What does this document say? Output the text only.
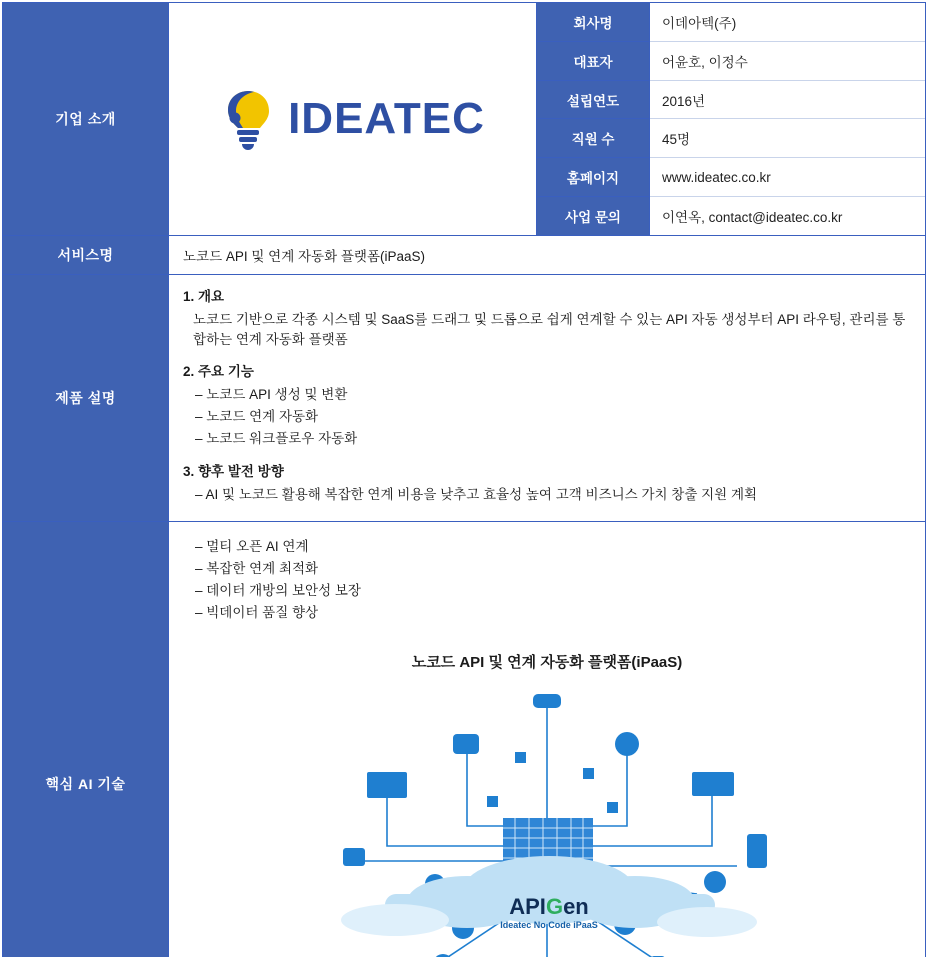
기업 소개	IDEATEC
회사명	이데아텍(주)
대표자	어윤호, 이정수
설립연도	2016년
직원 수	45명
홈페이지	www.ideatec.co.kr
사업 문의	이연옥, contact@ideatec.co.kr

서비스명	노코드 API 및 연계 자동화 플랫폼(iPaaS)
제품 설명	
1. 개요
노코드 기반으로 각종 시스템 및 SaaS를 드래그 및 드롭으로 쉽게 연계할 수 있는 API 자동 생성부터 API 라우팅, 관리를 통합하는 연계 자동화 플랫폼
2. 주요 기능
– 노코드 API 생성 및 변환
– 노코드 연계 자동화
– 노코드 워크플로우 자동화
3. 향후 발전 방향
– AI 및 노코드 활용해 복잡한 연계 비용을 낮추고 효율성 높여 고객 비즈니스 가치 창출 지원 계획

핵심 AI 기술	
– 멀티 오픈 AI 연계
– 복잡한 연계 최적화
– 데이터 개방의 보안성 보장
– 빅데이터 품질 향상
노코드 API 및 연계 자동화 플랫폼(iPaaS)
APIGen
Ideatec No Code iPaaS
